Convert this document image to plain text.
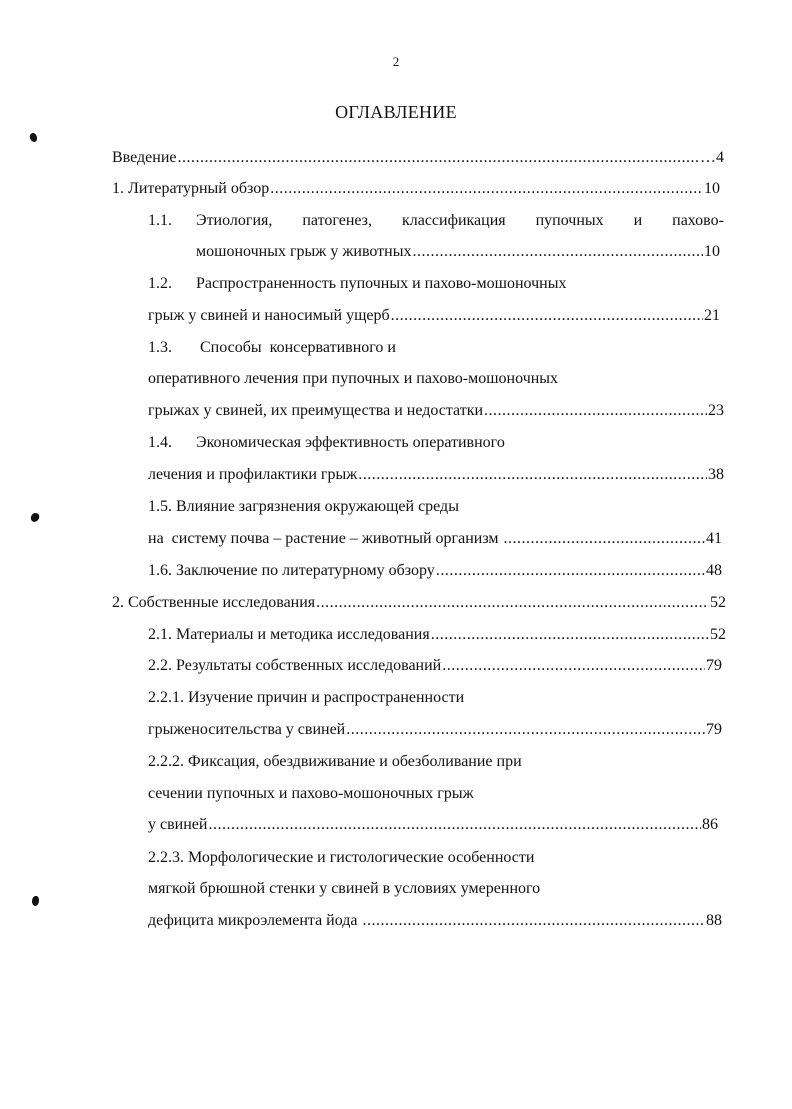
2
ОГЛАВЛЕНИЕ
Введение .....	…4
1. Литературный обзор .....	10
1.1. Этиология, патогенез, классификация пупочных и пахово-
мошоночных грыж у животных .....	10
1.2. Распространенность пупочных и пахово-мошоночных
грыж у свиней и наносимый ущерб .....	21
1.3. Способы  консервативного и
оперативного лечения при пупочных и пахово-мошоночных
грыжах у свиней, их преимущества и недостатки .....	23
1.4. Экономическая эффективность оперативного
лечения и профилактики грыж .....	38
1.5. Влияние загрязнения окружающей среды
на  систему почва – растение – животный организм .....	41
1.6. Заключение по литературному обзору .....	48
2. Собственные исследования .....	52
2.1. Материалы и методика исследования .....	52
2.2. Результаты собственных исследований .....	79
2.2.1. Изучение причин и распространенности
грыженосительства у свиней .....	79
2.2.2. Фиксация, обездвиживание и обезболивание при
сечении пупочных и пахово-мошоночных грыж
у свиней .....	86
2.2.3. Морфологические и гистологические особенности
мягкой брюшной стенки у свиней в условиях умеренного
дефицита микроэлемента йода .....	88
